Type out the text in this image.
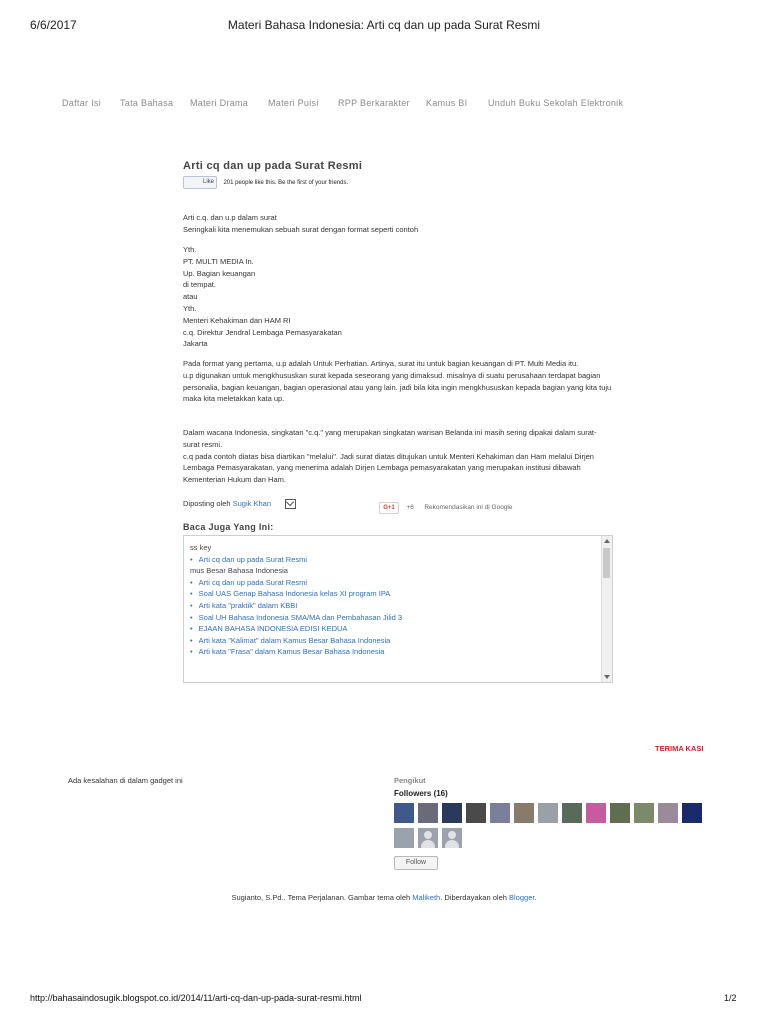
6/6/2017	Materi Bahasa Indonesia: Arti cq dan up pada Surat Resmi
Daftar Isi Tata Bahasa Materi Drama Materi Puisi RPP Berkarakter Kamus BI Unduh Buku Sekolah Elektronik
Arti cq dan up pada Surat Resmi
Like 201 people like this. Be the first of your friends.

Arti c.q. dan u.p dalam surat

Seringkali kita menemukan sebuah surat dengan format seperti contoh

Yth.

PT. MULTI MEDIA In.

Up. Bagian keuangan

di tempat.

atau

Yth.

Menteri Kehakiman dan HAM RI

c.q. Direktur Jendral Lembaga Pemasyarakatan

Jakarta

Pada format yang pertama, u.p adalah Untuk Perhatian. Artinya, surat itu untuk bagian keuangan di PT. Multi Media itu.

u.p digunakan untuk mengkhususkan surat kepada seseorang yang dimaksud. misalnya di suatu perusahaan terdapat bagian personalia, bagian keuangan, bagian operasional atau yang lain. jadi bila kita ingin mengkhususkan kepada bagian yang kita tuju maka kita meletakkan kata up.

Dalam wacana Indonesia, singkatan "c.q." yang merupakan singkatan warisan Belanda ini masih sering dipakai dalam surat-surat resmi.

c.q pada contoh diatas bisa diartikan "melalui". Jadi surat diatas ditujukan untuk Menteri Kehakiman dan Ham melalui Dirjen Lembaga Pemasyarakatan, yang menerima adalah Dirjen Lembaga pemasyarakatan yang merupakan institusi dibawah Kementerian Hukum dan Ham.

Diposting oleh Sugik Khan	G+1 +6 Rekomendasikan ini di Google
Baca Juga Yang Ini:
ss key
• Arti cq dan up pada Surat Resmi
mus Besar Bahasa Indonesia
• Arti cq dan up pada Surat Resmi
• Soal UAS Genap Bahasa Indonesia kelas XI program IPA
• Arti kata "praktik" dalam KBBI
• Soal UH Bahasa Indonesia SMA/MA dan Pembahasan Jilid 3
• EJAAN BAHASA INDONESIA EDISI KEDUA
• Arti kata "Kalimat" dalam Kamus Besar Bahasa Indonesia
• Arti kata "Frasa" dalam Kamus Besar Bahasa Indonesia
TERIMA KASI
Ada kesalahan di dalam gadget ini	Pengikut
Followers (16)
Follow
Sugianto, S.Pd.. Tema Perjalanan. Gambar tema oleh Maliketh. Diberdayakan oleh Blogger.
http://bahasaindosugik.blogspot.co.id/2014/11/arti-cq-dan-up-pada-surat-resmi.html	1/2
